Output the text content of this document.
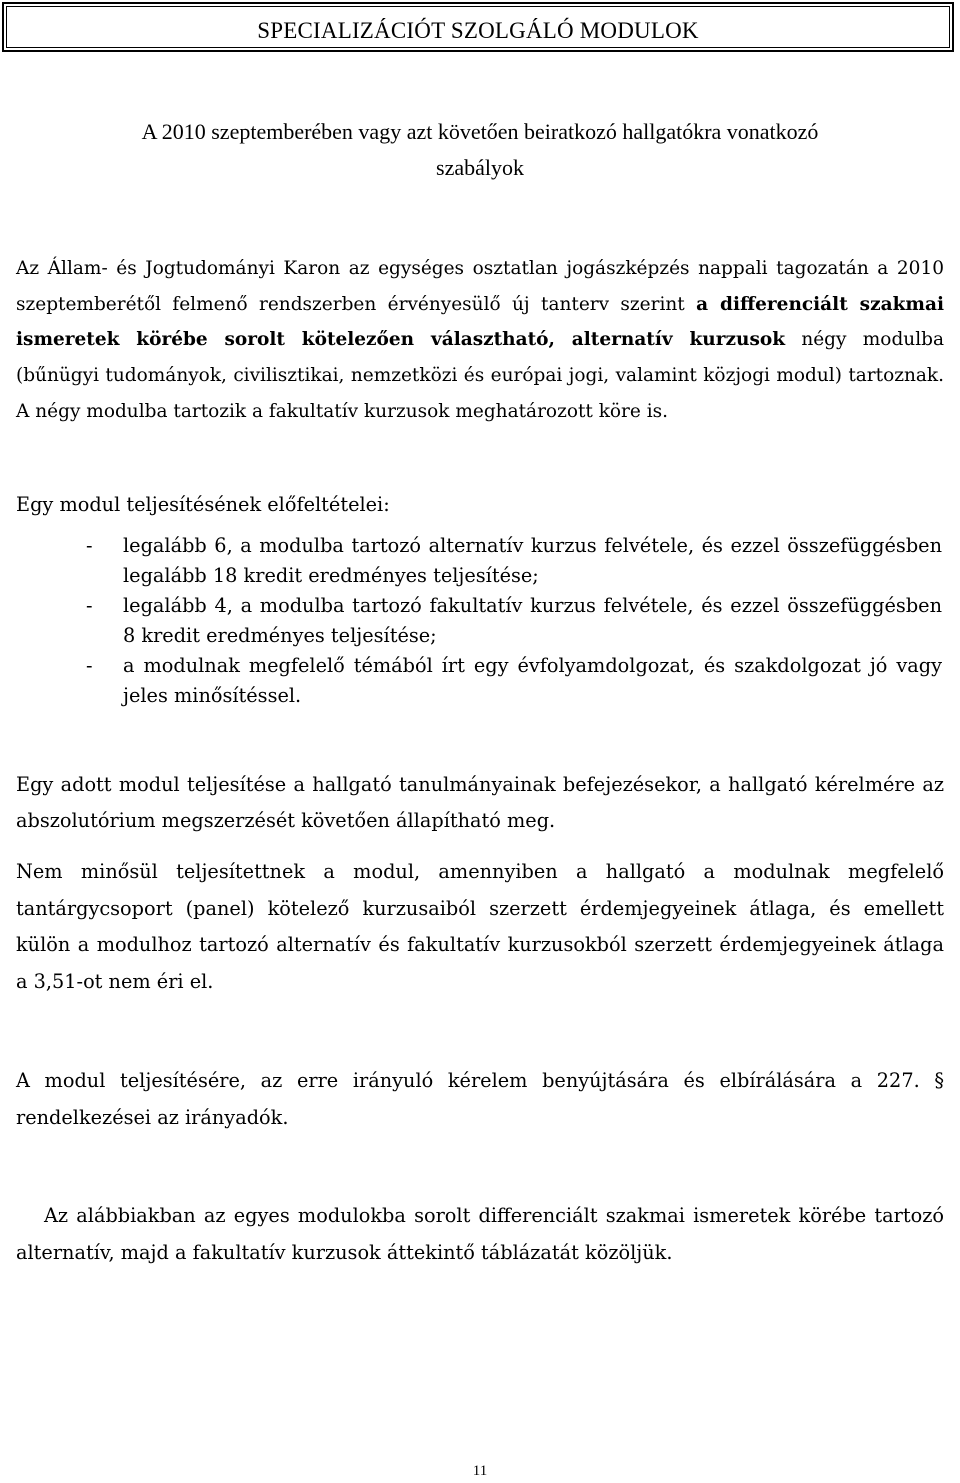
SPECIALIZÁCIÓT SZOLGÁLÓ MODULOK
A 2010 szeptemberében vagy azt követően beiratkozó hallgatókra vonatkozó
szabályok
Az Állam- és Jogtudományi Karon az egységes osztatlan jogászképzés nappali tagozatán a 2010 szeptemberétől felmenő rendszerben érvényesülő új tanterv szerint a differenciált szakmai ismeretek körébe sorolt kötelezően választható, alternatív kurzusok négy modulba (bűnügyi tudományok, civilisztikai, nemzetközi és európai jogi, valamint közjogi modul) tartoznak. A négy modulba tartozik a fakultatív kurzusok meghatározott köre is.
Egy modul teljesítésének előfeltételei:
- legalább 6, a modulba tartozó alternatív kurzus felvétele, és ezzel összefüggésben legalább 18 kredit eredményes teljesítése;
- legalább 4, a modulba tartozó fakultatív kurzus felvétele, és ezzel összefüggésben 8 kredit eredményes teljesítése;
- a modulnak megfelelő témából írt egy évfolyamdolgozat, és szakdolgozat jó vagy jeles minősítéssel.
Egy adott modul teljesítése a hallgató tanulmányainak befejezésekor, a hallgató kérelmére az abszolutórium megszerzését követően állapítható meg.
Nem minősül teljesítettnek a modul, amennyiben a hallgató a modulnak megfelelő tantárgycsoport (panel) kötelező kurzusaiból szerzett érdemjegyeinek átlaga, és emellett külön a modulhoz tartozó alternatív és fakultatív kurzusokból szerzett érdemjegyeinek átlaga a 3,51-ot nem éri el.
A modul teljesítésére, az erre irányuló kérelem benyújtására és elbírálására a 227. § rendelkezései az irányadók.
Az alábbiakban az egyes modulokba sorolt differenciált szakmai ismeretek körébe tartozó alternatív, majd a fakultatív kurzusok áttekintő táblázatát közöljük.
11
